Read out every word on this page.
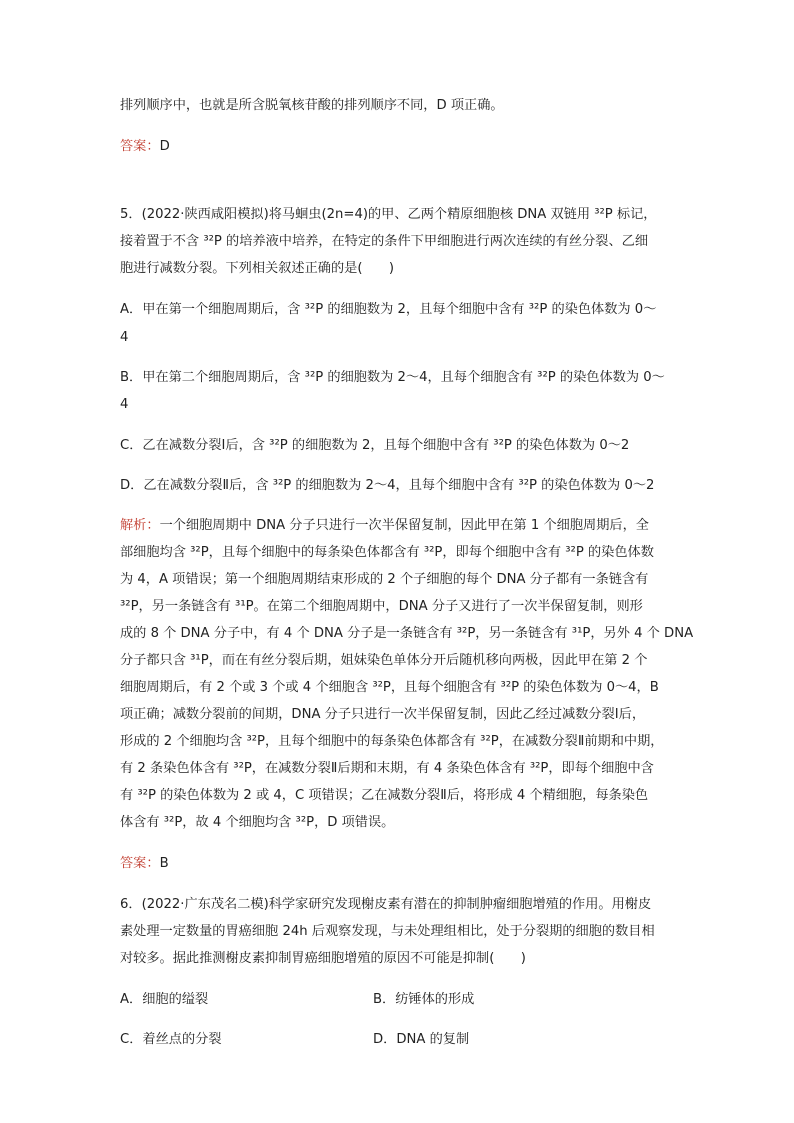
排列顺序中，也就是所含脱氧核苷酸的排列顺序不同，D 项正确。
5．(2022·陕西咸阳模拟)将马蛔虫(2n=4)的甲、乙两个精原细胞核 DNA 双链用 ³²P 标记，
接着置于不含 ³²P 的培养液中培养，在特定的条件下甲细胞进行两次连续的有丝分裂、乙细
胞进行减数分裂。下列相关叙述正确的是(　　)
A．甲在第一个细胞周期后，含 ³²P 的细胞数为 2，且每个细胞中含有 ³²P 的染色体数为 0～
4
B．甲在第二个细胞周期后，含 ³²P 的细胞数为 2～4，且每个细胞含有 ³²P 的染色体数为 0～
4
C．乙在减数分裂Ⅰ后，含 ³²P 的细胞数为 2，且每个细胞中含有 ³²P 的染色体数为 0～2
D．乙在减数分裂Ⅱ后，含 ³²P 的细胞数为 2～4，且每个细胞中含有 ³²P 的染色体数为 0～2
解析：一个细胞周期中 DNA 分子只进行一次半保留复制，因此甲在第 1 个细胞周期后，全
部细胞均含 ³²P，且每个细胞中的每条染色体都含有 ³²P，即每个细胞中含有 ³²P 的染色体数
为 4，A 项错误；第一个细胞周期结束形成的 2 个子细胞的每个 DNA 分子都有一条链含有
³²P，另一条链含有 ³¹P。在第二个细胞周期中，DNA 分子又进行了一次半保留复制，则形
成的 8 个 DNA 分子中，有 4 个 DNA 分子是一条链含有 ³²P，另一条链含有 ³¹P，另外 4 个 DNA
分子都只含 ³¹P，而在有丝分裂后期，姐妹染色单体分开后随机移向两极，因此甲在第 2 个
细胞周期后，有 2 个或 3 个或 4 个细胞含 ³²P，且每个细胞含有 ³²P 的染色体数为 0～4，B
项正确；减数分裂前的间期，DNA 分子只进行一次半保留复制，因此乙经过减数分裂Ⅰ后，
形成的 2 个细胞均含 ³²P，且每个细胞中的每条染色体都含有 ³²P，在减数分裂Ⅱ前期和中期，
有 2 条染色体含有 ³²P，在减数分裂Ⅱ后期和末期，有 4 条染色体含有 ³²P，即每个细胞中含
有 ³²P 的染色体数为 2 或 4，C 项错误；乙在减数分裂Ⅱ后，将形成 4 个精细胞，每条染色
体含有 ³²P，故 4 个细胞均含 ³²P，D 项错误。
6．(2022·广东茂名二模)科学家研究发现榭皮素有潜在的抑制肿瘤细胞增殖的作用。用榭皮
素处理一定数量的胃癌细胞 24h 后观察发现，与未处理组相比，处于分裂期的细胞的数目相
对较多。据此推测榭皮素抑制胃癌细胞增殖的原因不可能是抑制(　　)
答案：D
答案：B
A．细胞的缢裂	B．纺锤体的形成
C．着丝点的分裂	D．DNA 的复制
